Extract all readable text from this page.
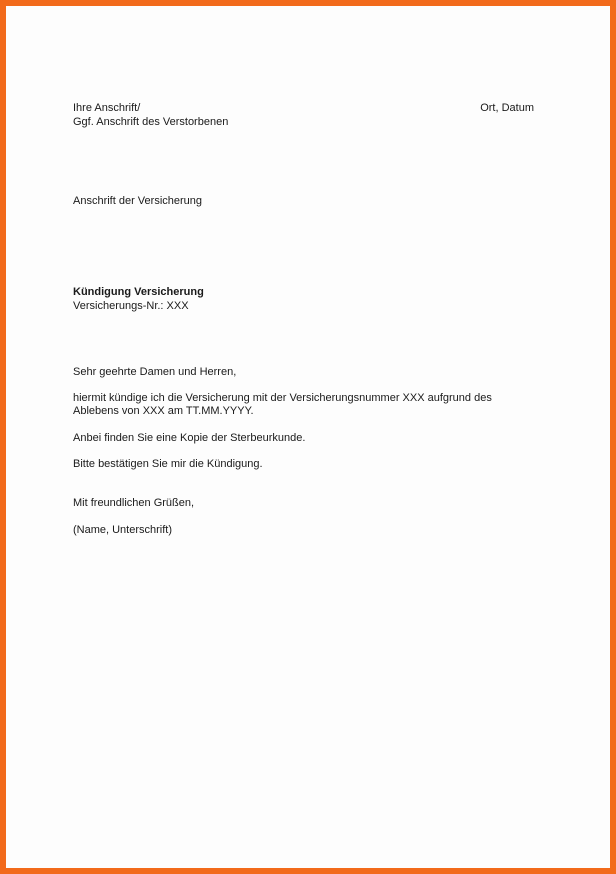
Ihre Anschrift/
Ggf. Anschrift des Verstorbenen
Ort, Datum
Anschrift der Versicherung
Kündigung Versicherung
Versicherungs-Nr.: XXX
Sehr geehrte Damen und Herren,
hiermit kündige ich die Versicherung mit der Versicherungsnummer XXX aufgrund des
Ablebens von XXX am TT.MM.YYYY.
Anbei finden Sie eine Kopie der Sterbeurkunde.
Bitte bestätigen Sie mir die Kündigung.
Mit freundlichen Grüßen,
(Name, Unterschrift)
